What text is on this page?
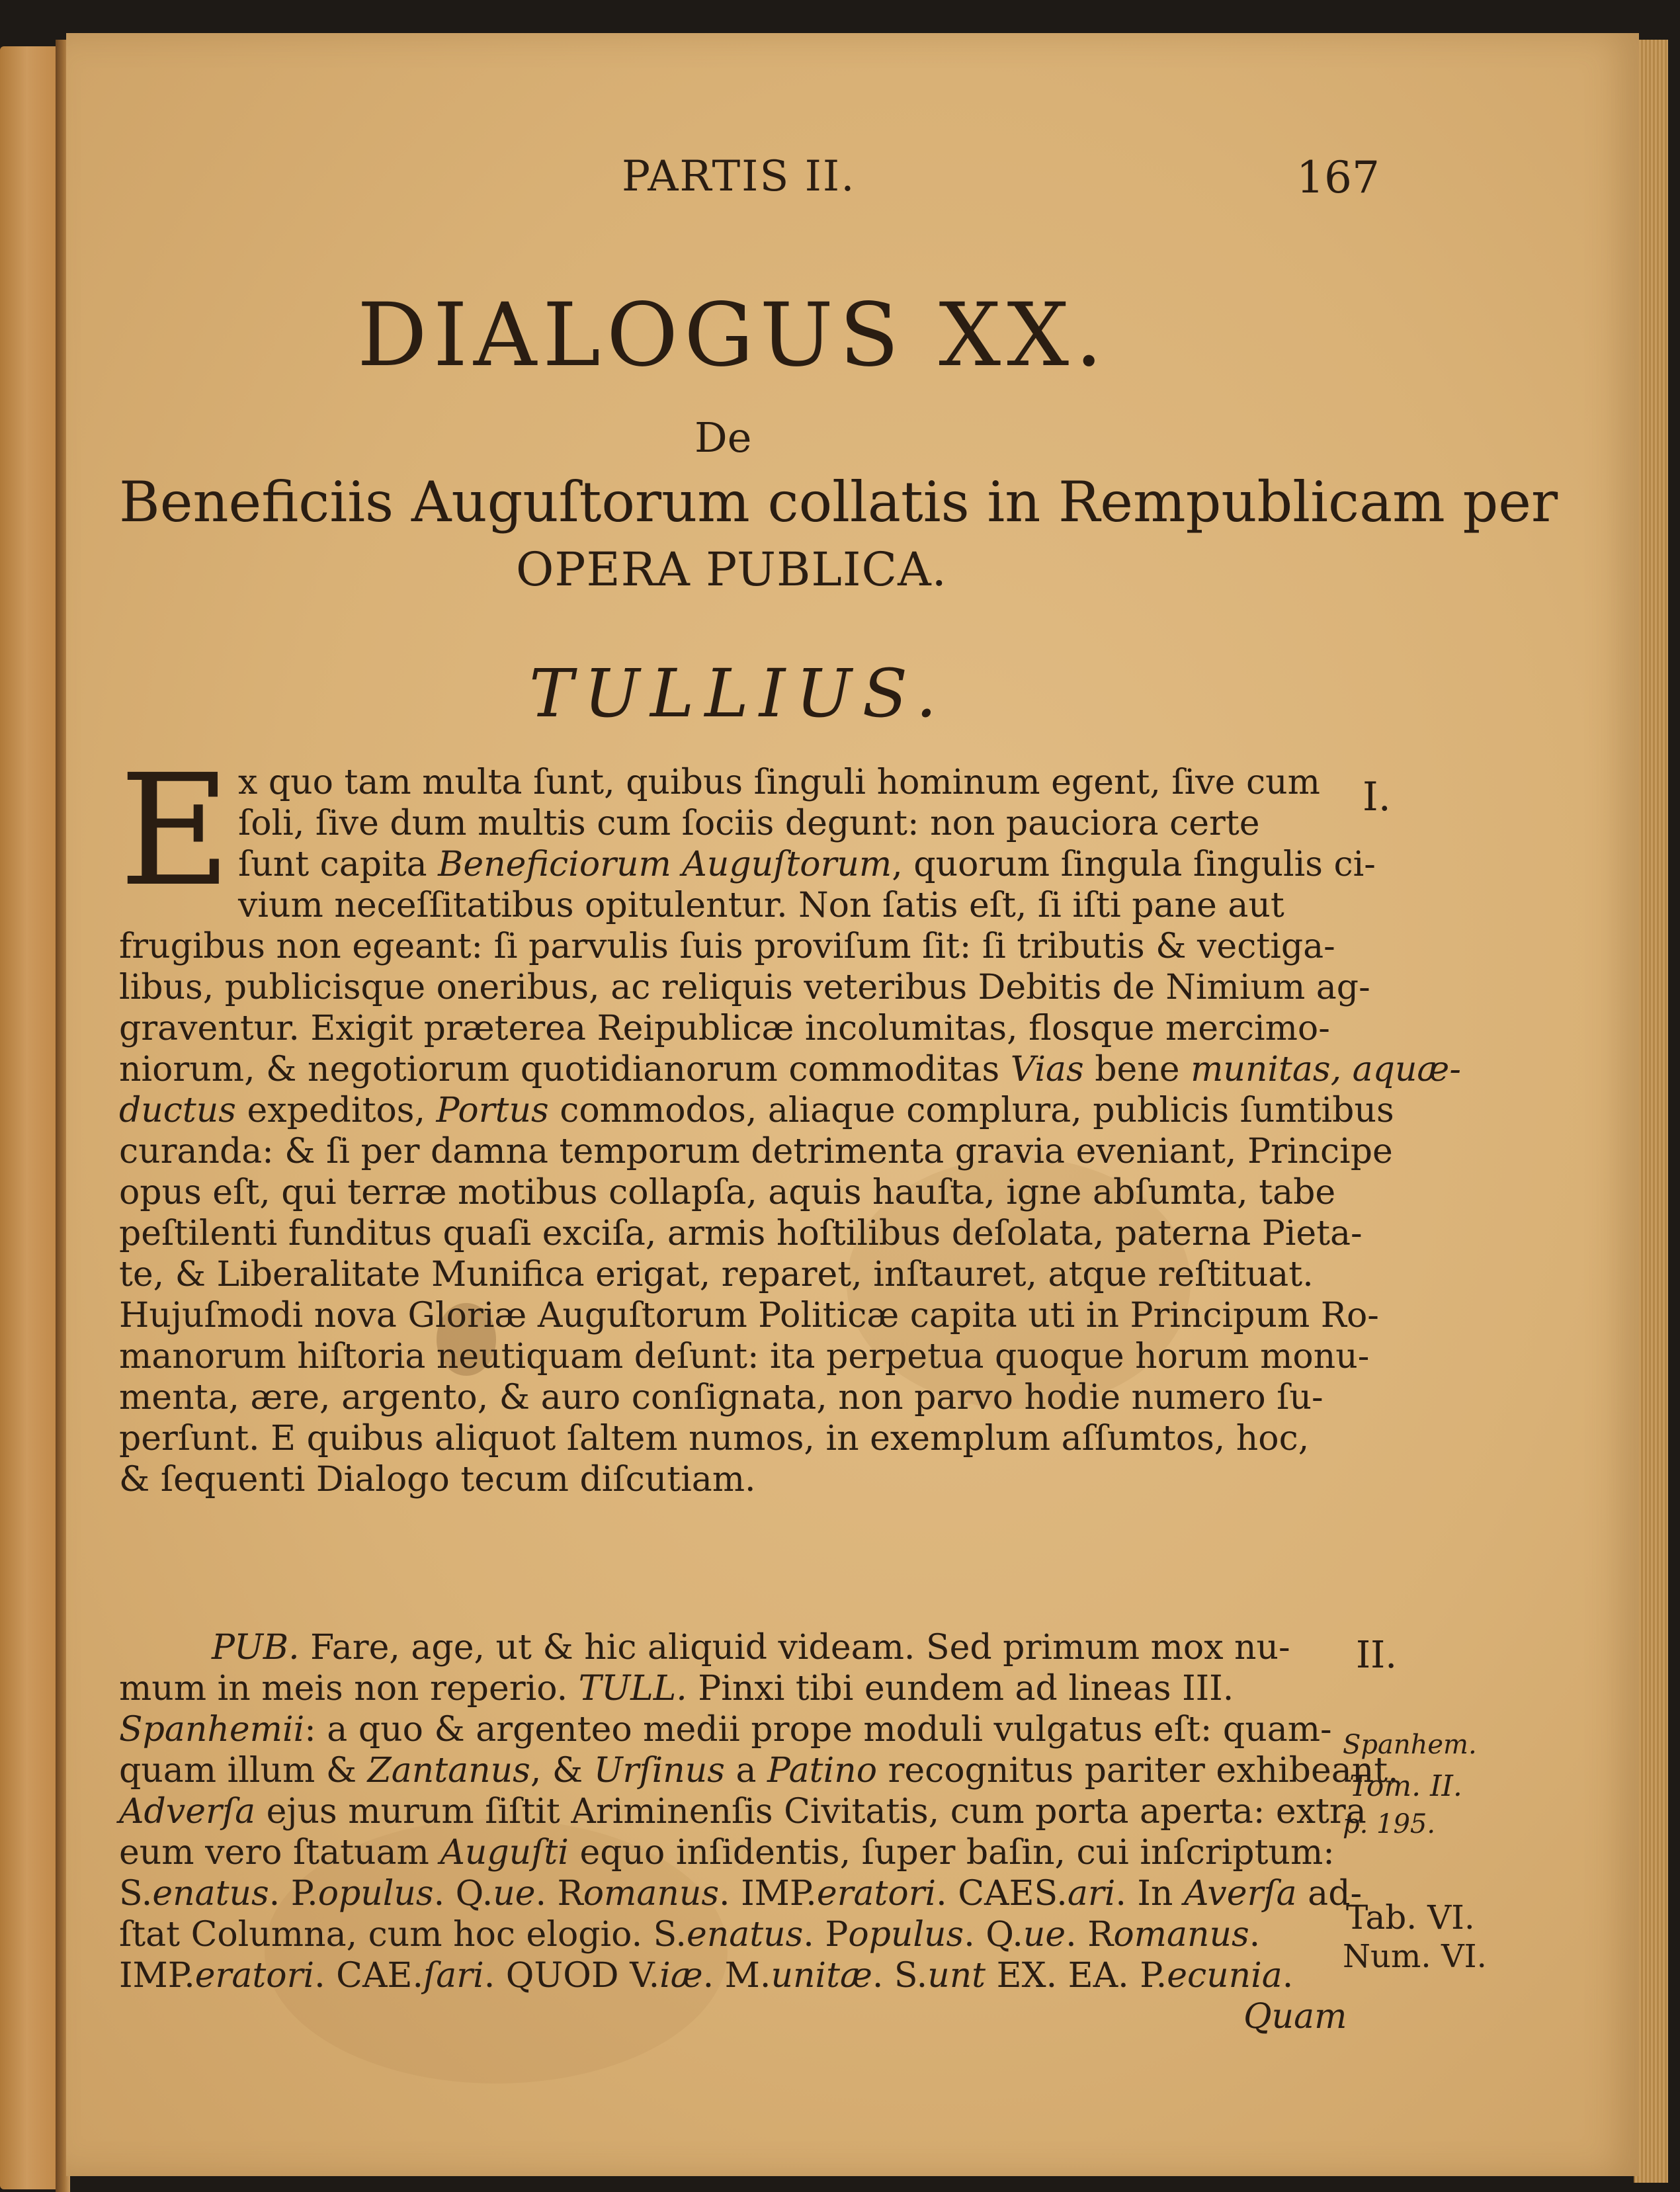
PARTIS II.	167
DIALOGUS XX.
De
Beneficiis Auguſtorum collatis in Rempublicam per
OPERA PUBLICA.
TULLIUS.
E x quo tam multa ſunt, quibus ſinguli hominum egent, ſive cum
ſoli, ſive dum multis cum ſociis degunt: non pauciora certe
ſunt capita Beneficiorum Auguſtorum, quorum ſingula ſingulis ci-
vium neceſſitatibus opitulentur. Non ſatis eſt, ſi iſti pane aut
frugibus non egeant: ſi parvulis ſuis proviſum ſit: ſi tributis & vectiga-
libus, publicisque oneribus, ac reliquis veteribus Debitis de Nimium ag-
graventur. Exigit præterea Reipublicæ incolumitas, flosque mercimo-
niorum, & negotiorum quotidianorum commoditas Vias bene munitas, aquæ-
ductus expeditos, Portus commodos, aliaque complura, publicis ſumtibus
curanda: & ſi per damna temporum detrimenta gravia eveniant, Principe
opus eſt, qui terræ motibus collapſa, aquis hauſta, igne abſumta, tabe
peſtilenti funditus quaſi exciſa, armis hoſtilibus deſolata, paterna Pieta-
te, & Liberalitate Munifica erigat, reparet, inſtauret, atque reſtituat.
Hujuſmodi nova Gloriæ Auguſtorum Politicæ capita uti in Principum Ro-
manorum hiſtoria neutiquam deſunt: ita perpetua quoque horum monu-
menta, ære, argento, & auro conſignata, non parvo hodie numero ſu-
perſunt. E quibus aliquot ſaltem numos, in exemplum aſſumtos, hoc,
& ſequenti Dialogo tecum diſcutiam.
PUB. Fare, age, ut & hic aliquid videam. Sed primum mox nu-
mum in meis non reperio. TULL. Pinxi tibi eundem ad lineas III.
Spanhemii: a quo & argenteo medii prope moduli vulgatus eſt: quam-
quam illum & Zantanus, & Urſinus a Patino recognitus pariter exhibeant.
Adverſa ejus murum ſiſtit Ariminenſis Civitatis, cum porta aperta: extra
eum vero ſtatuam Auguſti equo inſidentis, ſuper baſin, cui inſcriptum:
S.enatus. P.opulus. Q.ue. Romanus. IMP.eratori. CAES.ari. In Averſa ad-
ſtat Columna, cum hoc elogio. S.enatus. Populus. Q.ue. Romanus.
IMP.eratori. CAE.ſari. QUOD V.iæ. M.unitæ. S.unt EX. EA. P.ecunia.
Quam
I.
II.
Spanhem.
Tom. II.
p. 195.
Tab. VI.
Num. VI.
